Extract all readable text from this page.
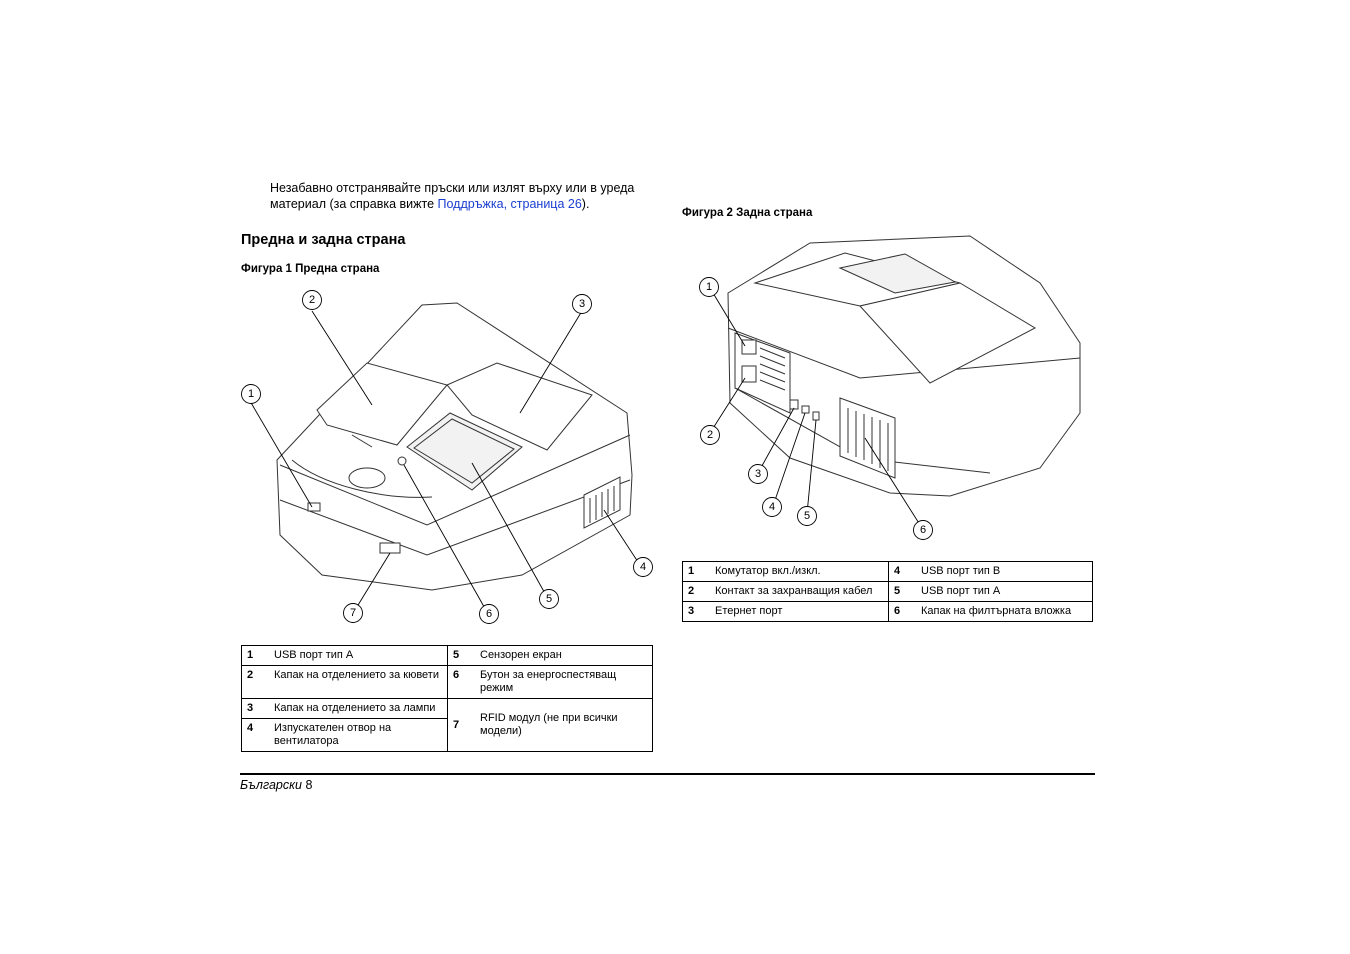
Незабавно отстранявайте пръски или излят върху или в уреда материал (за справка вижте Поддръжка, страница 26).
Предна и задна страна
Фигура 1 Предна страна
Фигура 2 Задна страна
2	3
1
4
5
6
7
1
2
3
4
5
6
1	USB порт тип A	5	Сензорен екран
2	Капак на отделението за кювети	6	Бутон за енергоспестяващ режим
3	Капак на отделението за лампи	7	RFID модул (не при всички модели)
4	Изпускателен отвор на вентилатора		
1	Комутатор вкл./изкл.	4	USB порт тип B
2	Контакт за захранващия кабел	5	USB порт тип A
3	Етернет порт	6	Капак на филтърната вложка
Български 8
